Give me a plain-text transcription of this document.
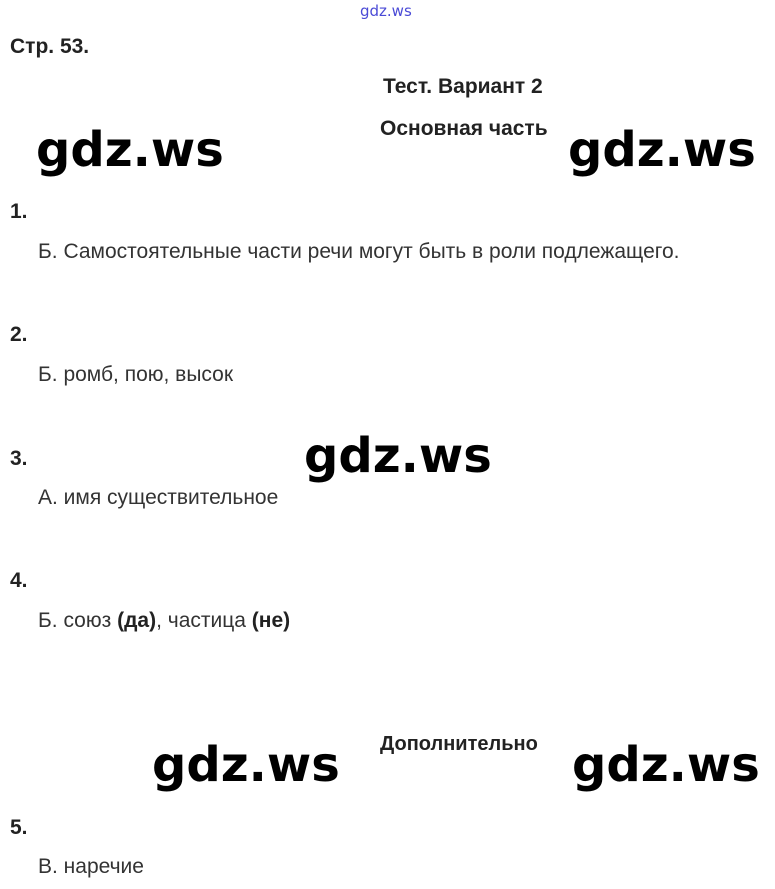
gdz.ws
Стр. 53.
Тест. Вариант 2
Основная часть
gdz.ws	gdz.ws
1.
Б. Самостоятельные части речи могут быть в роли подлежащего.
2.
Б. ромб, пою, высок
gdz.ws
3.
А. имя существительное
4.
Б. союз (да), частица (не)
Дополнительно
gdz.ws	gdz.ws
5.
В. наречие
